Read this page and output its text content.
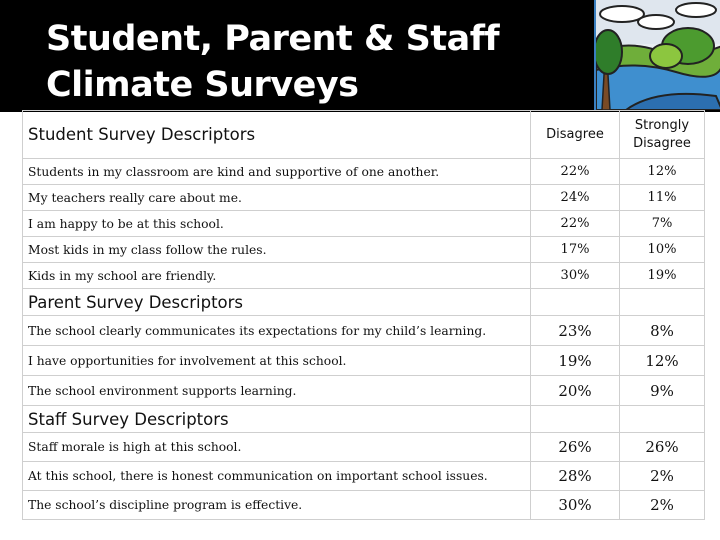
Student, Parent & Staff
Climate Surveys
Student Survey Descriptors	Disagree	Strongly
Disagree
Students in my classroom are kind and supportive of one another.	22%	12%
My teachers really care about me.	24%	11%
I am happy to be at this school.	22%	7%
Most kids in my class follow the rules.	17%	10%
Kids in my school are friendly.	30%	19%
Parent Survey Descriptors		
The school clearly communicates its expectations for my child’s learning.	23%	8%
I have opportunities for involvement at this school.	19%	12%
The school environment supports learning.	20%	9%
Staff Survey Descriptors		
Staff morale is high at this school.	26%	26%
At this school, there is honest communication on important school issues.	28%	2%
The school’s discipline program is effective.	30%	2%
